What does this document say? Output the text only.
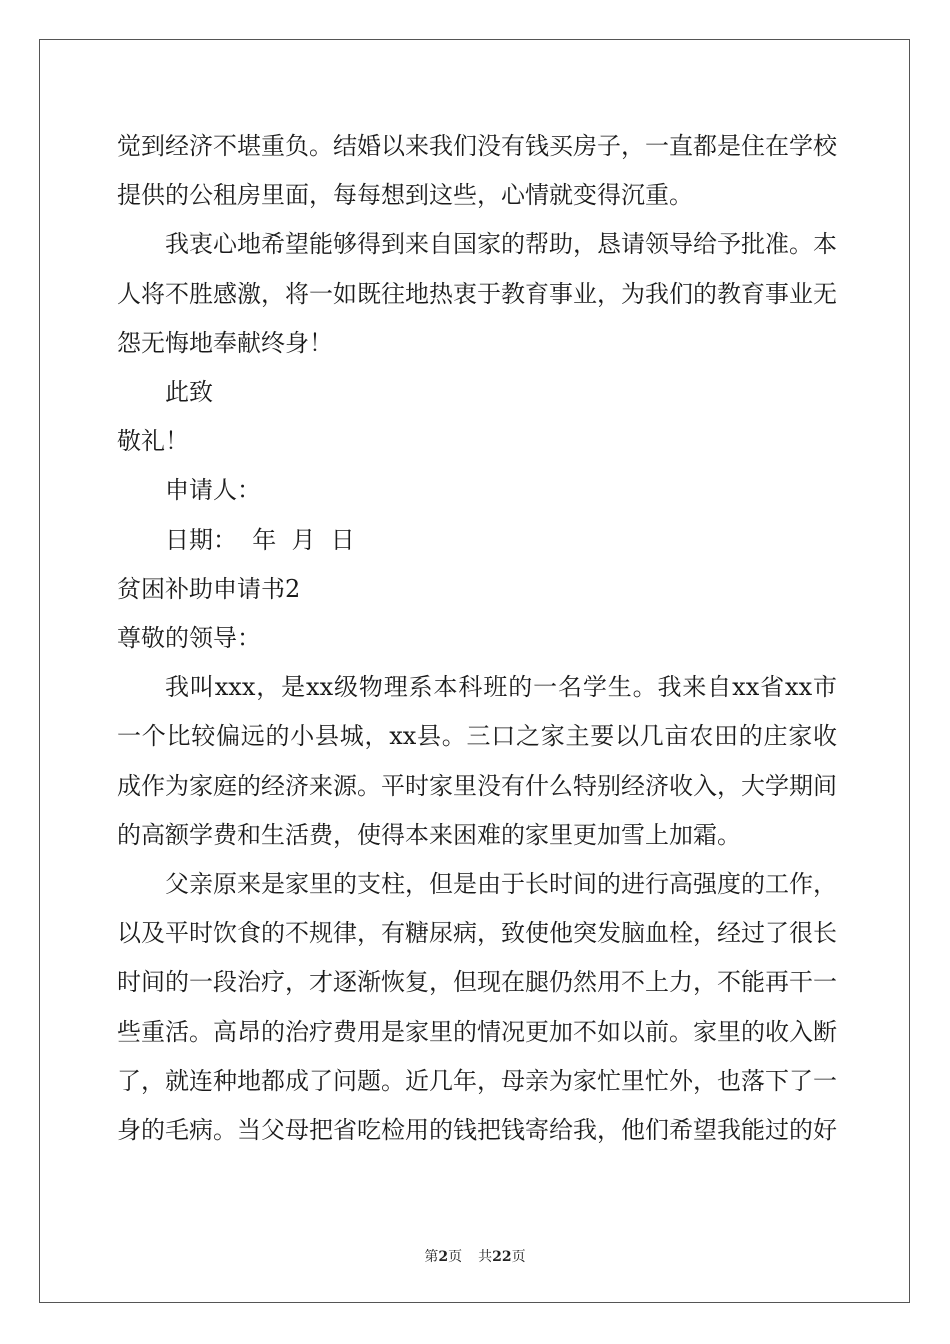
觉到经济不堪重负。结婚以来我们没有钱买房子，一直都是住在学校提供的公租房里面，每每想到这些，心情就变得沉重。

我衷心地希望能够得到来自国家的帮助，恳请领导给予批准。本人将不胜感激，将一如既往地热衷于教育事业，为我们的教育事业无怨无悔地奉献终身！

此致

敬礼！

申请人：

日期：  年  月  日

贫困补助申请书2

尊敬的领导：

我叫xxx，是xx级物理系本科班的一名学生。我来自xx省xx市一个比较偏远的小县城，xx县。三口之家主要以几亩农田的庄家收成作为家庭的经济来源。平时家里没有什么特别经济收入，大学期间的高额学费和生活费，使得本来困难的家里更加雪上加霜。

父亲原来是家里的支柱，但是由于长时间的进行高强度的工作，以及平时饮食的不规律，有糖尿病，致使他突发脑血栓，经过了很长时间的一段治疗，才逐渐恢复，但现在腿仍然用不上力，不能再干一些重活。高昂的治疗费用是家里的情况更加不如以前。家里的收入断了，就连种地都成了问题。近几年，母亲为家忙里忙外，也落下了一身的毛病。当父母把省吃检用的钱把钱寄给我，他们希望我能过的好

第2页 共22页
